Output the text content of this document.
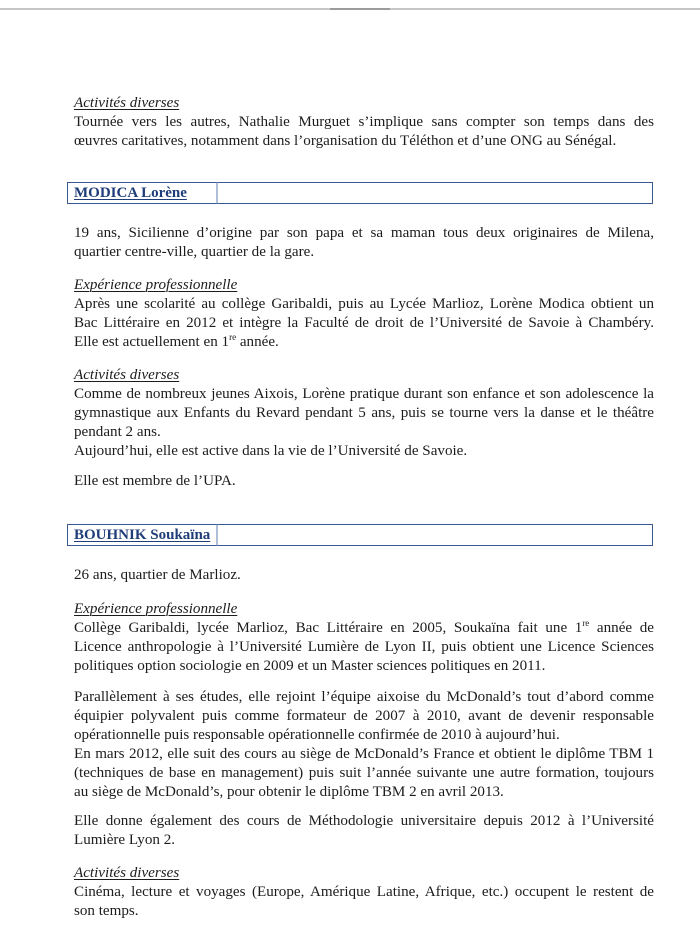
Activités diverses
Tournée vers les autres, Nathalie Murguet s’implique sans compter son temps dans des
œuvres caritatives, notamment dans l’organisation du Téléthon et d’une ONG au Sénégal.
MODICA Lorène
19 ans, Sicilienne d’origine par son papa et sa maman tous deux originaires de Milena,
quartier centre-ville, quartier de la gare.
Expérience professionnelle
Après une scolarité au collège Garibaldi, puis au Lycée Marlioz, Lorène Modica obtient un
Bac Littéraire en 2012 et intègre la Faculté de droit de l’Université de Savoie à Chambéry.
Elle est actuellement en 1re année.
Activités diverses
Comme de nombreux jeunes Aixois, Lorène pratique durant son enfance et son adolescence la
gymnastique aux Enfants du Revard pendant 5 ans, puis se tourne vers la danse et le théâtre
pendant 2 ans.
Aujourd’hui, elle est active dans la vie de l’Université de Savoie.
Elle est membre de l’UPA.
BOUHNIK Soukaïna
26 ans, quartier de Marlioz.
Expérience professionnelle
Collège Garibaldi, lycée Marlioz, Bac Littéraire en 2005, Soukaïna fait une 1re année de
Licence anthropologie à l’Université Lumière de Lyon II, puis obtient une Licence Sciences
politiques option sociologie en 2009 et un Master sciences politiques en 2011.
Parallèlement à ses études, elle rejoint l’équipe aixoise du McDonald’s tout d’abord comme
équipier polyvalent puis comme formateur de 2007 à 2010, avant de devenir responsable
opérationnelle puis responsable opérationnelle confirmée de 2010 à aujourd’hui.
En mars 2012, elle suit des cours au siège de McDonald’s France et obtient le diplôme TBM 1
(techniques de base en management) puis suit l’année suivante une autre formation, toujours
au siège de McDonald’s, pour obtenir le diplôme TBM 2 en avril 2013.
Elle donne également des cours de Méthodologie universitaire depuis 2012 à l’Université
Lumière Lyon 2.
Activités diverses
Cinéma, lecture et voyages (Europe, Amérique Latine, Afrique, etc.) occupent le restent de
son temps.
